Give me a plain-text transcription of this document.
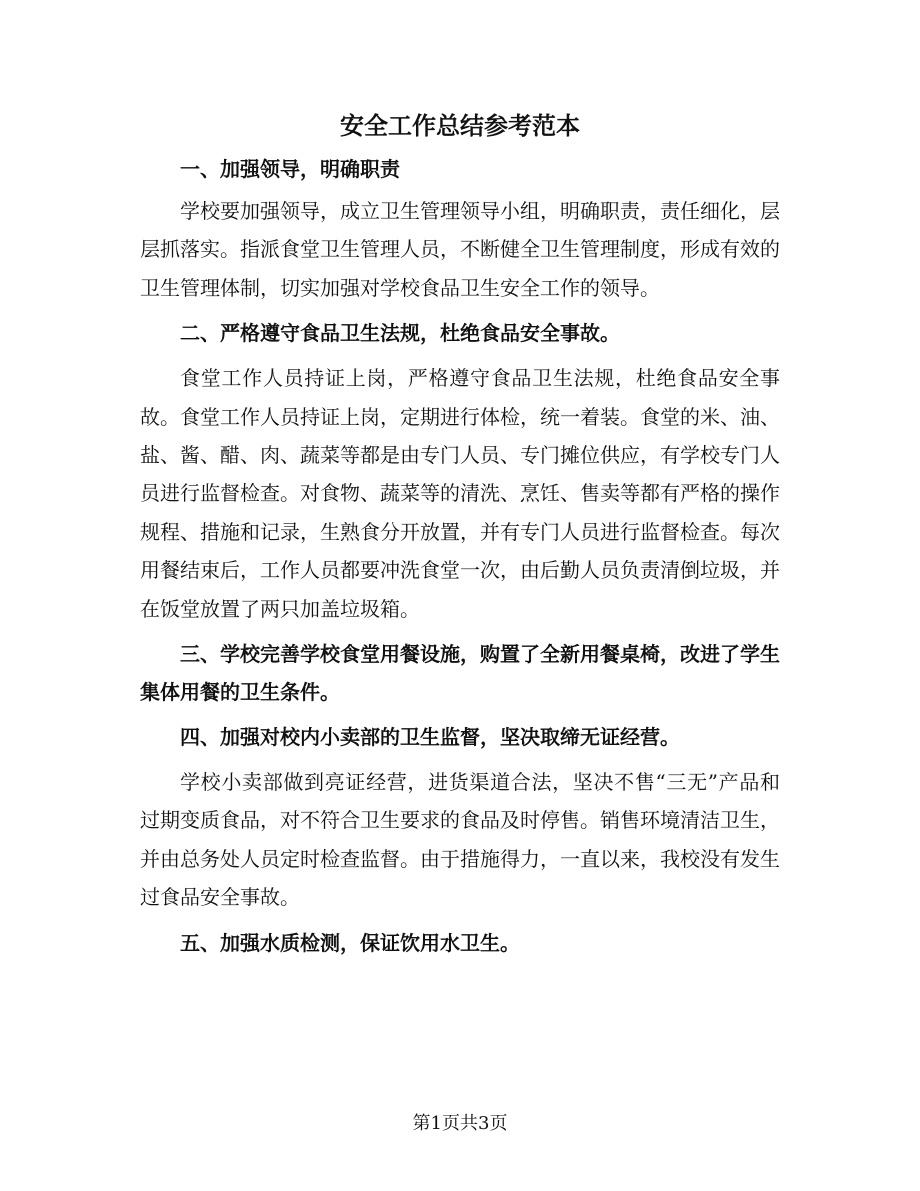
安全工作总结参考范本

一、加强领导，明确职责

学校要加强领导，成立卫生管理领导小组，明确职责，责任细化，层层抓落实。指派食堂卫生管理人员，不断健全卫生管理制度，形成有效的卫生管理体制，切实加强对学校食品卫生安全工作的领导。

二、严格遵守食品卫生法规，杜绝食品安全事故。

食堂工作人员持证上岗，严格遵守食品卫生法规，杜绝食品安全事故。食堂工作人员持证上岗，定期进行体检，统一着装。食堂的米、油、盐、酱、醋、肉、蔬菜等都是由专门人员、专门摊位供应，有学校专门人员进行监督检查。对食物、蔬菜等的清洗、烹饪、售卖等都有严格的操作规程、措施和记录，生熟食分开放置，并有专门人员进行监督检查。每次用餐结束后，工作人员都要冲洗食堂一次，由后勤人员负责清倒垃圾，并在饭堂放置了两只加盖垃圾箱。

三、学校完善学校食堂用餐设施，购置了全新用餐桌椅，改进了学生集体用餐的卫生条件。

四、加强对校内小卖部的卫生监督，坚决取缔无证经营。

学校小卖部做到亮证经营，进货渠道合法，坚决不售“三无”产品和过期变质食品，对不符合卫生要求的食品及时停售。销售环境清洁卫生，并由总务处人员定时检查监督。由于措施得力，一直以来，我校没有发生过食品安全事故。

五、加强水质检测，保证饮用水卫生。

第1页共3页
